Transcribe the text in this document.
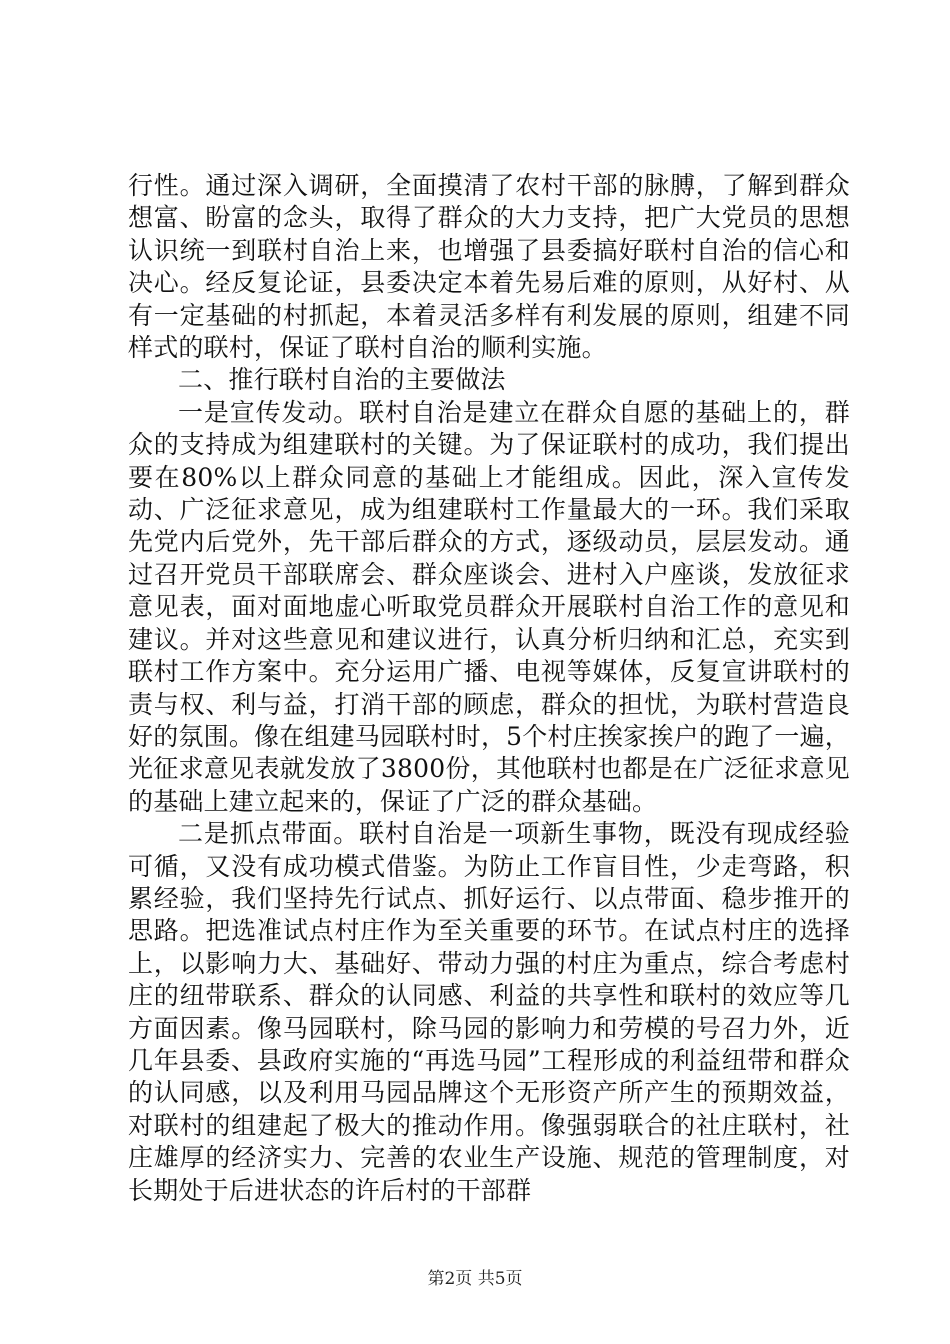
行性。通过深入调研，全面摸清了农村干部的脉膊，了解到群众想富、盼富的念头，取得了群众的大力支持，把广大党员的思想认识统一到联村自治上来，也增强了县委搞好联村自治的信心和决心。经反复论证，县委决定本着先易后难的原则，从好村、从有一定基础的村抓起，本着灵活多样有利发展的原则，组建不同样式的联村，保证了联村自治的顺利实施。

二、推行联村自治的主要做法

一是宣传发动。联村自治是建立在群众自愿的基础上的，群众的支持成为组建联村的关键。为了保证联村的成功，我们提出要在80%以上群众同意的基础上才能组成。因此，深入宣传发动、广泛征求意见，成为组建联村工作量最大的一环。我们采取先党内后党外，先干部后群众的方式，逐级动员，层层发动。通过召开党员干部联席会、群众座谈会、进村入户座谈，发放征求意见表，面对面地虚心听取党员群众开展联村自治工作的意见和建议。并对这些意见和建议进行，认真分析归纳和汇总，充实到联村工作方案中。充分运用广播、电视等媒体，反复宣讲联村的责与权、利与益，打消干部的顾虑，群众的担忧，为联村营造良好的氛围。像在组建马园联村时，5个村庄挨家挨户的跑了一遍，光征求意见表就发放了3800份，其他联村也都是在广泛征求意见的基础上建立起来的，保证了广泛的群众基础。

二是抓点带面。联村自治是一项新生事物，既没有现成经验可循，又没有成功模式借鉴。为防止工作盲目性，少走弯路，积累经验，我们坚持先行试点、抓好运行、以点带面、稳步推开的思路。把选准试点村庄作为至关重要的环节。在试点村庄的选择上，以影响力大、基础好、带动力强的村庄为重点，综合考虑村庄的纽带联系、群众的认同感、利益的共享性和联村的效应等几方面因素。像马园联村，除马园的影响力和劳模的号召力外，近几年县委、县政府实施的“再选马园”工程形成的利益纽带和群众的认同感，以及利用马园品牌这个无形资产所产生的预期效益，对联村的组建起了极大的推动作用。像强弱联合的社庄联村，社庄雄厚的经济实力、完善的农业生产设施、规范的管理制度，对长期处于后进状态的许后村的干部群

第2页 共5页
